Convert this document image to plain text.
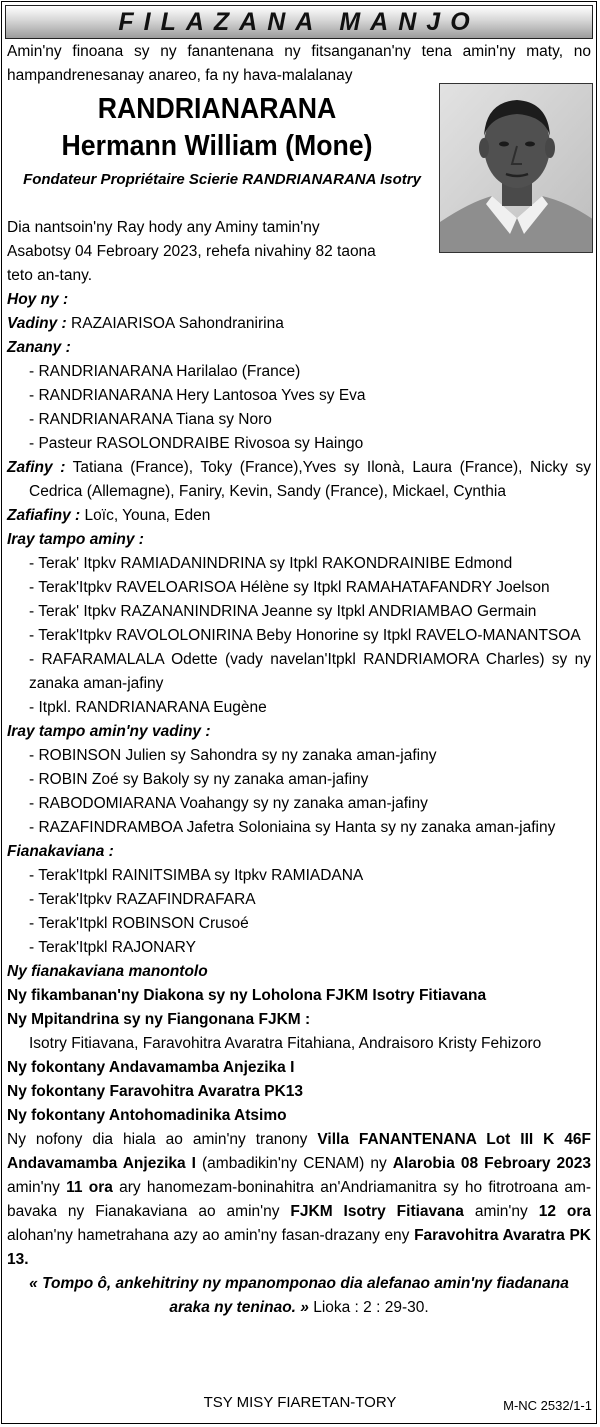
FILAZANA MANJO

Amin'ny finoana sy ny fanantenana ny fitsanganan'ny tena amin'ny maty, no hampandrenesanay anareo, fa ny hava-malalanay

RANDRIANARANA
Hermann William (Mone)
Fondateur Propriétaire Scierie RANDRIANARANA Isotry
Dia nantsoin'ny Ray hody any Aminy tamin'ny
Asabotsy 04 Febroary 2023, rehefa nivahiny 82 taona
teto an-tany.
Hoy ny :
Vadiny : RAZAIARISOA Sahondranirina
Zanany :
- RANDRIANARANA Harilalao (France)
- RANDRIANARANA Hery Lantosoa Yves sy Eva
- RANDRIANARANA Tiana sy Noro
- Pasteur RASOLONDRAIBE Rivosoa sy Haingo
Zafiny : Tatiana (France), Toky (France),Yves sy Ilonà, Laura (France), Nicky sy Cedrica (Allemagne), Faniry, Kevin, Sandy (France), Mickael, Cynthia
Zafiafiny : Loïc, Youna, Eden
Iray tampo aminy :
- Terak' Itpkv RAMIADANINDRINA sy Itpkl RAKONDRAINIBE Edmond
- Terak'Itpkv RAVELOARISOA Hélène sy Itpkl RAMAHATAFANDRY Joelson
- Terak' Itpkv RAZANANINDRINA Jeanne sy Itpkl ANDRIAMBAO Germain
- Terak'Itpkv RAVOLOLONIRINA Beby Honorine sy Itpkl RAVELO-MANANTSOA
- RAFARAMALALA Odette (vady navelan'Itpkl RANDRIAMORA Charles) sy ny zanaka aman-jafiny
- Itpkl. RANDRIANARANA Eugène
Iray tampo amin'ny vadiny :
- ROBINSON Julien sy Sahondra sy ny zanaka aman-jafiny
- ROBIN Zoé sy Bakoly sy ny zanaka aman-jafiny
- RABODOMIARANA Voahangy sy ny zanaka aman-jafiny
- RAZAFINDRAMBOA Jafetra Soloniaina sy Hanta sy ny zanaka aman-jafiny
Fianakaviana :
- Terak'Itpkl RAINITSIMBA sy Itpkv RAMIADANA
- Terak'Itpkv RAZAFINDRAFARA
- Terak'Itpkl ROBINSON Crusoé
- Terak'Itpkl RAJONARY
Ny fianakaviana manontolo
Ny fikambanan'ny Diakona sy ny Loholona FJKM Isotry Fitiavana
Ny Mpitandrina sy ny Fiangonana FJKM :
Isotry Fitiavana, Faravohitra Avaratra Fitahiana, Andraisoro Kristy Fehizoro
Ny fokontany Andavamamba Anjezika I
Ny fokontany Faravohitra Avaratra PK13
Ny fokontany Antohomadinika Atsimo

Ny nofony dia hiala ao amin'ny tranony Villa FANANTENANA Lot III K 46F Andavamamba Anjezika I (ambadikin'ny CENAM) ny Alarobia 08 Febroary 2023 amin'ny 11 ora ary hanomezam-boninahitra an'Andriamanitra sy ho fitrotroana am-bavaka ny Fianakaviana ao amin'ny FJKM Isotry Fitiavana amin'ny 12 ora alohan'ny hametrahana azy ao amin'ny fasan-drazany eny Faravohitra Avaratra PK 13.

« Tompo ô, ankehitriny ny mpanomponao dia alefanao amin'ny fiadanana araka ny teninao. » Lioka : 2 : 29-30.

TSY MISY FIARETAN-TORY	M-NC 2532/1-1
